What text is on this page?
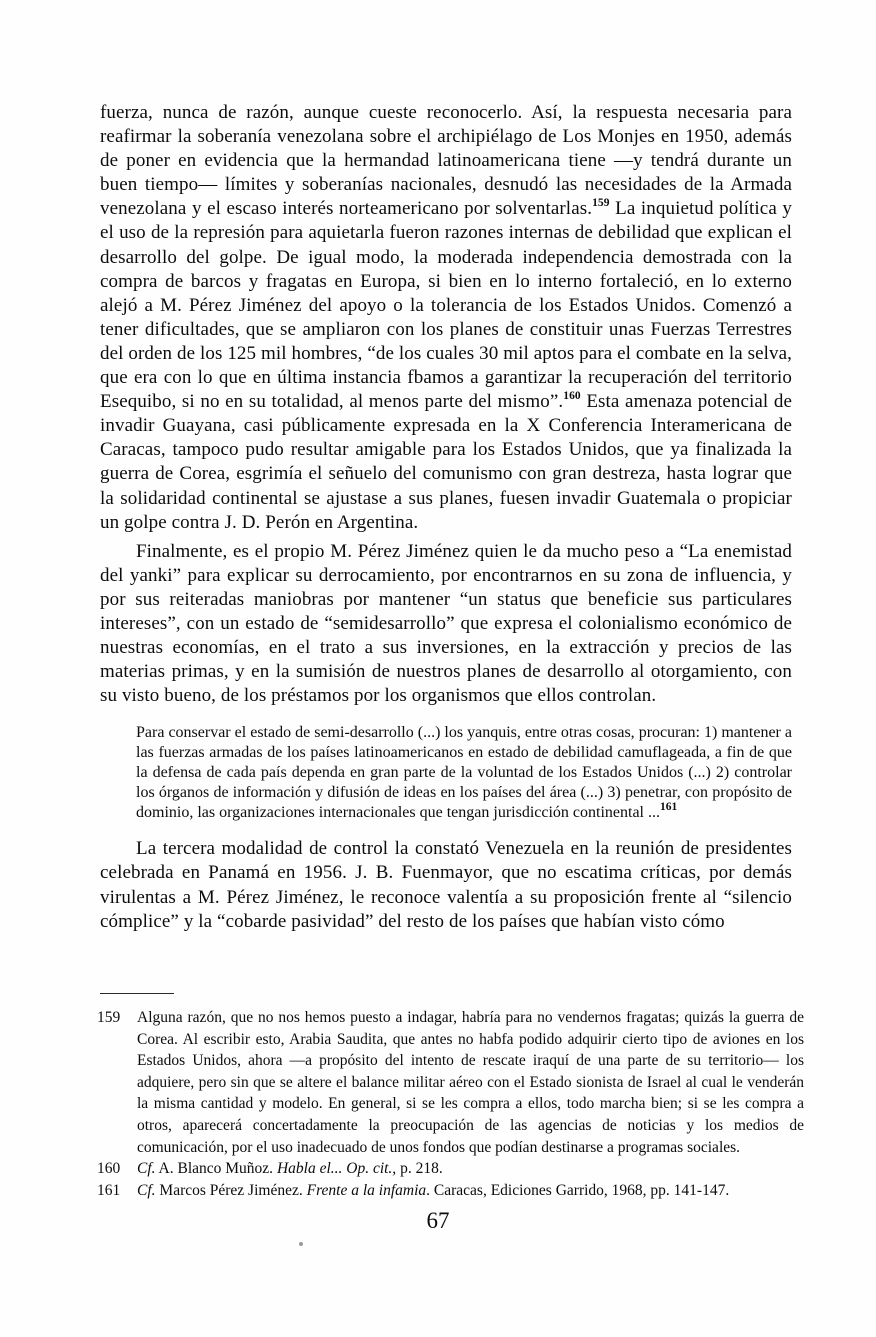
fuerza, nunca de razón, aunque cueste reconocerlo. Así, la respuesta necesaria para reafirmar la soberanía venezolana sobre el archipiélago de Los Monjes en 1950, además de poner en evidencia que la hermandad latinoamericana tiene —y tendrá durante un buen tiempo— límites y soberanías nacionales, desnudó las necesidades de la Armada venezolana y el escaso interés norteamericano por solventarlas.$^{159}$ La inquietud política y el uso de la represión para aquietarla fueron razones internas de debilidad que explican el desarrollo del golpe. De igual modo, la moderada independencia demostrada con la compra de barcos y fragatas en Europa, si bien en lo interno fortaleció, en lo externo alejó a M. Pérez Jiménez del apoyo o la tolerancia de los Estados Unidos. Comenzó a tener dificultades, que se ampliaron con los planes de constituir unas Fuerzas Terrestres del orden de los 125 mil hombres, “de los cuales 30 mil aptos para el combate en la selva, que era con lo que en última instancia fbamos a garantizar la recuperación del territorio Esequibo, si no en su totalidad, al menos parte del mismo”.$^{160}$ Esta amenaza potencial de invadir Guayana, casi públicamente expresada en la X Conferencia Interamericana de Caracas, tampoco pudo resultar amigable para los Estados Unidos, que ya finalizada la guerra de Corea, esgrimía el señuelo del comunismo con gran destreza, hasta lograr que la solidaridad continental se ajustase a sus planes, fuesen invadir Guatemala o propiciar un golpe contra J. D. Perón en Argentina.

Finalmente, es el propio M. Pérez Jiménez quien le da mucho peso a “La enemistad del yanki” para explicar su derrocamiento, por encontrarnos en su zona de influencia, y por sus reiteradas maniobras por mantener “un status que beneficie sus particulares intereses”, con un estado de “semidesarrollo” que expresa el colonialismo económico de nuestras economías, en el trato a sus inversiones, en la extracción y precios de las materias primas, y en la sumisión de nuestros planes de desarrollo al otorgamiento, con su visto bueno, de los préstamos por los organismos que ellos controlan.

Para conservar el estado de semi-desarrollo (...) los yanquis, entre otras cosas, procuran: 1) mantener a las fuerzas armadas de los países latinoamericanos en estado de debilidad camuflageada, a fin de que la defensa de cada país dependa en gran parte de la voluntad de los Estados Unidos (...) 2) controlar los órganos de información y difusión de ideas en los países del área (...) 3) penetrar, con propósito de dominio, las organizaciones internacionales que tengan jurisdicción continental ...$^{161}$

La tercera modalidad de control la constató Venezuela en la reunión de presidentes celebrada en Panamá en 1956. J. B. Fuenmayor, que no escatima críticas, por demás virulentas a M. Pérez Jiménez, le reconoce valentía a su proposición frente al “silencio cómplice” y la “cobarde pasividad” del resto de los países que habían visto cómo

159	Alguna razón, que no nos hemos puesto a indagar, habría para no vendernos fragatas; quizás la guerra de Corea. Al escribir esto, Arabia Saudita, que antes no habfa podido adquirir cierto tipo de aviones en los Estados Unidos, ahora —a propósito del intento de rescate iraquí de una parte de su territorio— los adquiere, pero sin que se altere el balance militar aéreo con el Estado sionista de Israel al cual le venderán la misma cantidad y modelo. En general, si se les compra a ellos, todo marcha bien; si se les compra a otros, aparecerá concertadamente la preocupación de las agencias de noticias y los medios de comunicación, por el uso inadecuado de unos fondos que podían destinarse a programas sociales.
160	Cf. A. Blanco Muñoz. Habla el... Op. cit., p. 218.
161	Cf. Marcos Pérez Jiménez. Frente a la infamia. Caracas, Ediciones Garrido, 1968, pp. 141-147.
67
